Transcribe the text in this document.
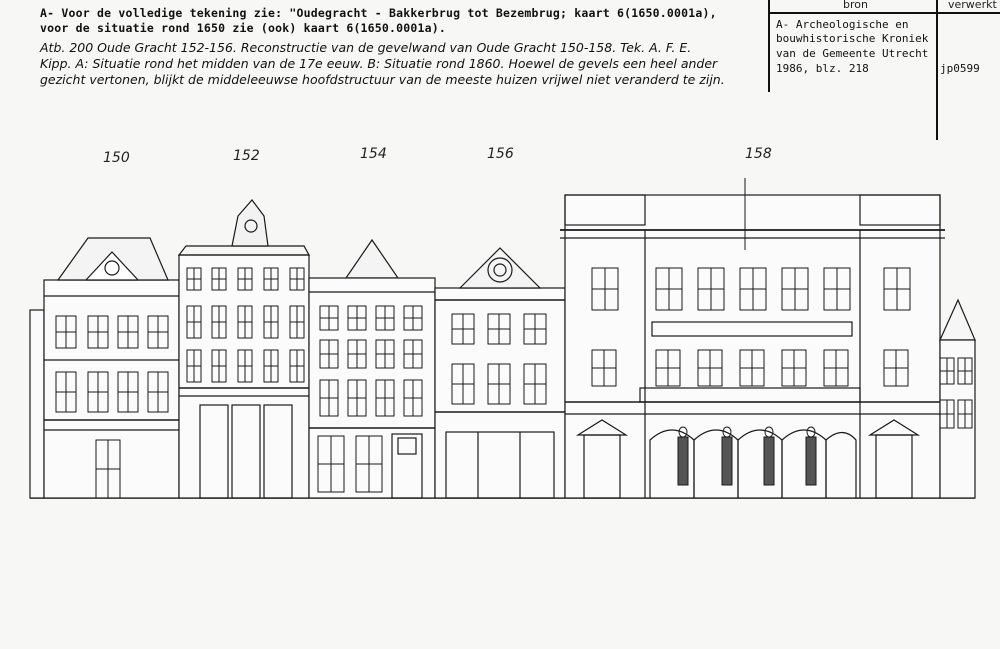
A- Voor de volledige tekening zie: "Oudegracht - Bakkerbrug tot Bezembrug; kaart 6(1650.0001a),
voor de situatie rond 1650 zie (ook) kaart 6(1650.0001a).
Atb. 200 Oude Gracht 152-156. Reconstructie van de gevelwand van Oude Gracht 150-158. Tek. A. F. E.
Kipp. A: Situatie rond het midden van de 17e eeuw. B: Situatie rond 1860. Hoewel de gevels een heel ander
gezicht vertonen, blijkt de middeleeuwse hoofdstructuur van de meeste huizen vrijwel niet veranderd te zijn.
bron	verwerkt
A- Archeologische en
bouwhistorische Kroniek
van de Gemeente Utrecht
1986, blz. 218	jp0599
150	152	154	156	158
